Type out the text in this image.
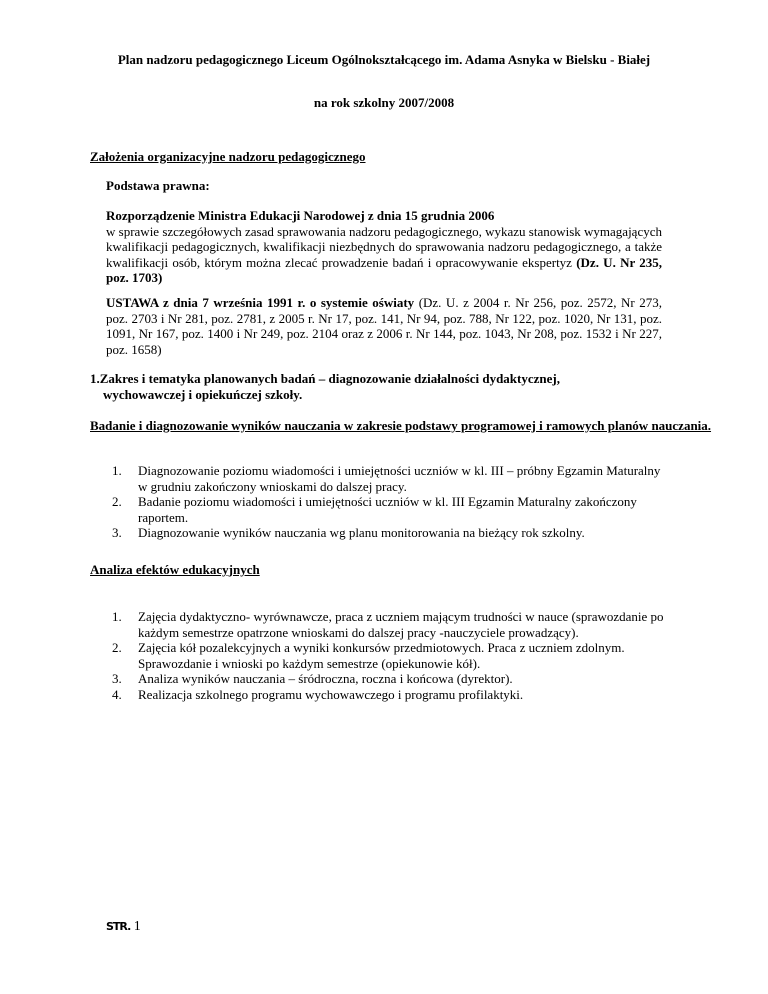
Plan nadzoru pedagogicznego Liceum Ogólnokształcącego im. Adama Asnyka w Bielsku - Białej
na rok szkolny 2007/2008
Założenia organizacyjne nadzoru pedagogicznego
Podstawa prawna:
Rozporządzenie Ministra Edukacji Narodowej z dnia 15 grudnia 2006
w sprawie szczegółowych zasad sprawowania nadzoru pedagogicznego, wykazu stanowisk wymagających kwalifikacji pedagogicznych, kwalifikacji niezbędnych do sprawowania nadzoru pedagogicznego, a także kwalifikacji osób, którym można zlecać prowadzenie badań i opracowywanie ekspertyz (Dz. U. Nr 235, poz. 1703)
USTAWA z dnia 7 września 1991 r. o systemie oświaty (Dz. U. z 2004 r. Nr 256, poz. 2572, Nr 273, poz. 2703 i Nr 281, poz. 2781, z 2005 r. Nr 17, poz. 141, Nr 94, poz. 788, Nr 122, poz. 1020, Nr 131, poz. 1091, Nr 167, poz. 1400 i Nr 249, poz. 2104 oraz z 2006 r. Nr 144, poz. 1043, Nr 208, poz. 1532 i Nr 227, poz. 1658)
1.Zakres i tematyka planowanych badań – diagnozowanie działalności dydaktycznej,
wychowawczej i opiekuńczej szkoły.
Badanie i diagnozowanie wyników nauczania w zakresie podstawy programowej i ramowych planów nauczania.
1. Diagnozowanie poziomu wiadomości i umiejętności uczniów w kl. III – próbny Egzamin Maturalny w grudniu zakończony wnioskami do dalszej pracy.
2. Badanie poziomu wiadomości i umiejętności uczniów w kl. III Egzamin Maturalny zakończony raportem.
3. Diagnozowanie wyników nauczania wg planu monitorowania na bieżący rok szkolny.
Analiza efektów edukacyjnych
1. Zajęcia dydaktyczno- wyrównawcze, praca z uczniem mającym trudności w nauce (sprawozdanie po każdym semestrze opatrzone wnioskami do dalszej pracy -nauczyciele prowadzący).
2. Zajęcia kół pozalekcyjnych a wyniki konkursów przedmiotowych. Praca z uczniem zdolnym. Sprawozdanie i wnioski po każdym semestrze (opiekunowie kół).
3. Analiza wyników nauczania – śródroczna, roczna i końcowa (dyrektor).
4. Realizacja szkolnego programu wychowawczego i programu profilaktyki.
STR. 1
